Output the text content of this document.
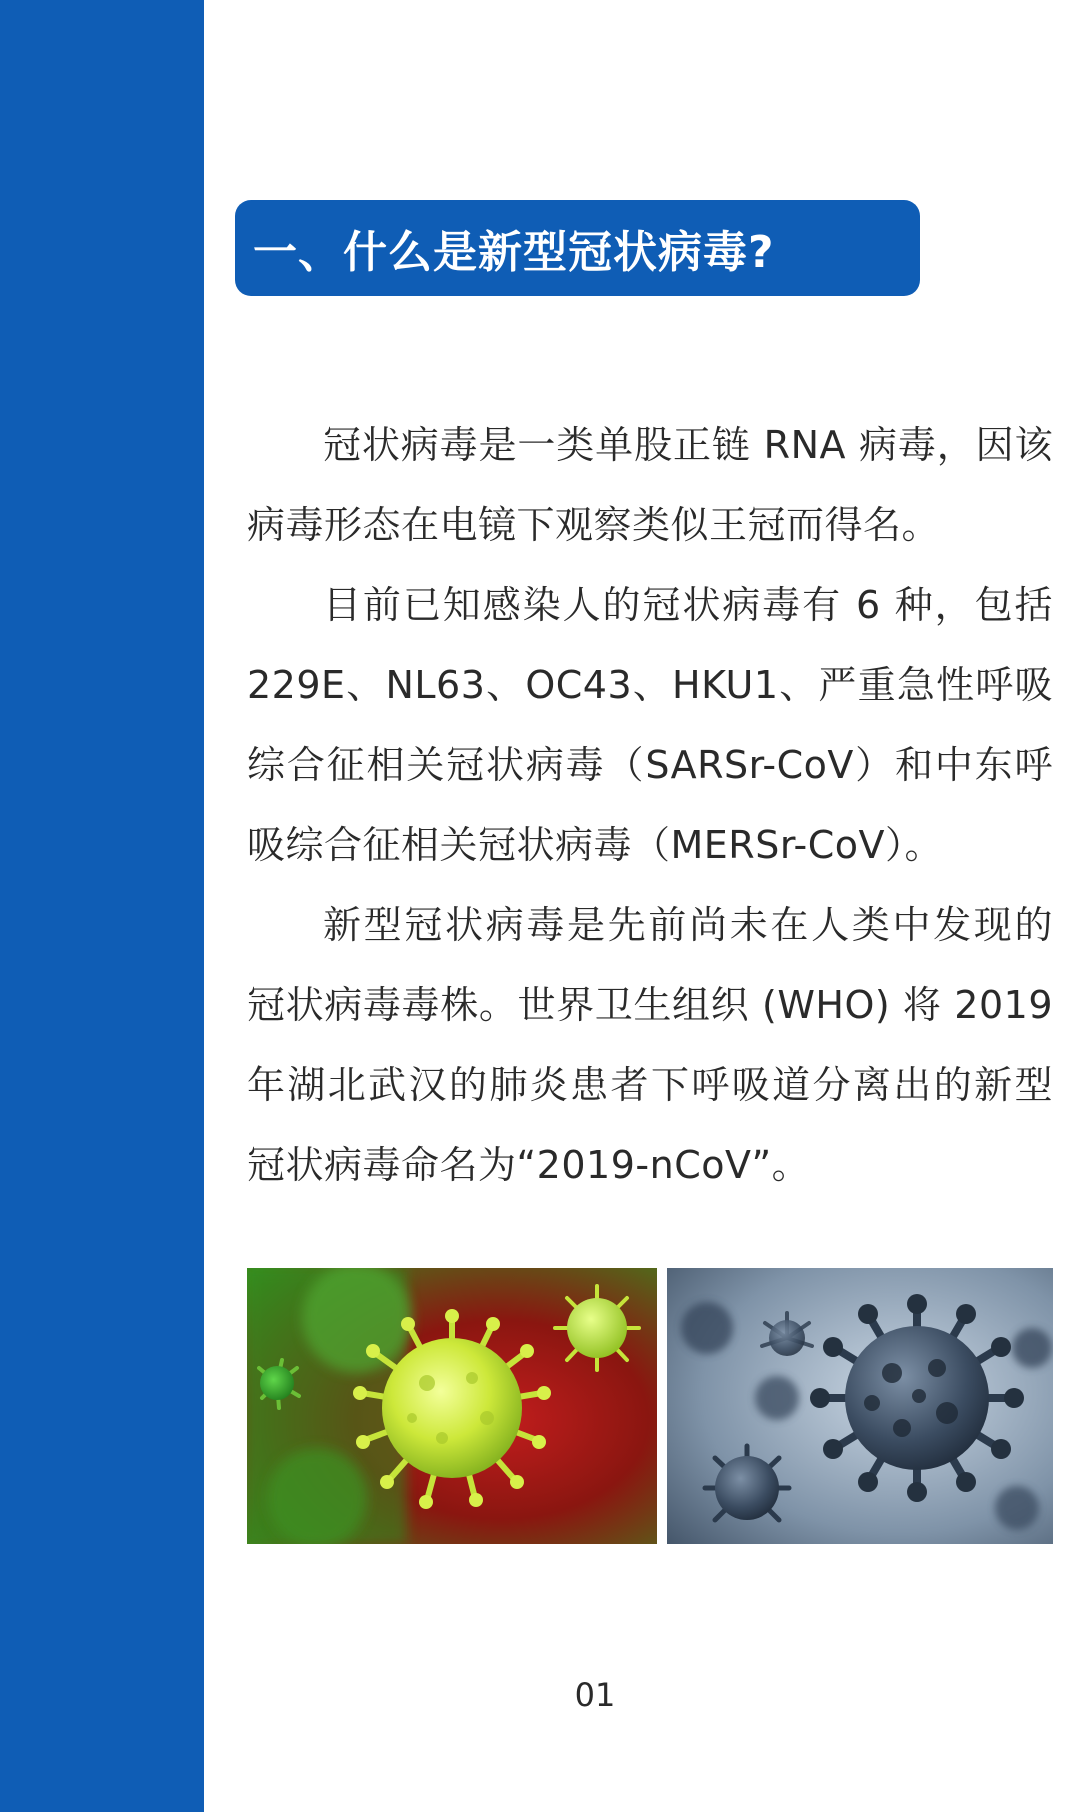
一、什么是新型冠状病毒?

冠状病毒是一类单股正链 RNA 病毒，因该病毒形态在电镜下观察类似王冠而得名。

目前已知感染人的冠状病毒有 6 种，包括 229E、NL63、OC43、HKU1、严重急性呼吸综合征相关冠状病毒（SARSr-CoV）和中东呼吸综合征相关冠状病毒（MERSr-CoV）。

新型冠状病毒是先前尚未在人类中发现的冠状病毒毒株。世界卫生组织 (WHO) 将 2019 年湖北武汉的肺炎患者下呼吸道分离出的新型冠状病毒命名为“2019-nCoV”。

01
